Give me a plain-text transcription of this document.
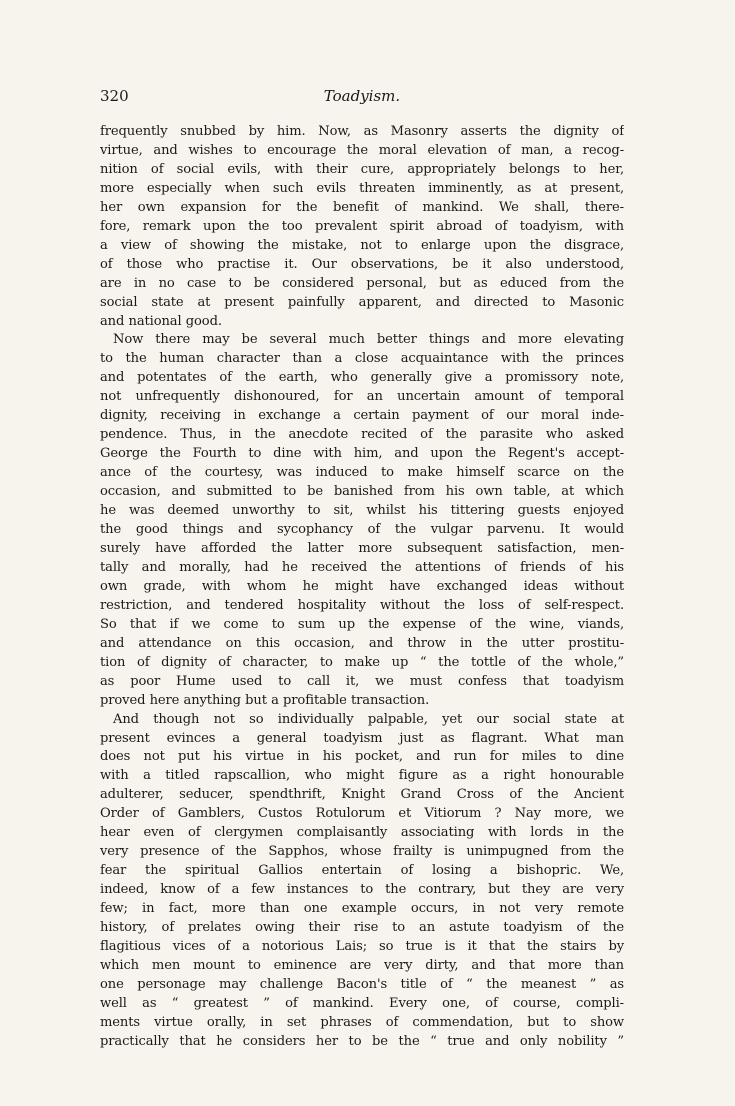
320	Toadyism.
frequently snubbed by him. Now, as Masonry asserts the dignity of
virtue, and wishes to encourage the moral elevation of man, a recog-
nition of social evils, with their cure, appropriately belongs to her,
more especially when such evils threaten imminently, as at present,
her own expansion for the benefit of mankind. We shall, there-
fore, remark upon the too prevalent spirit abroad of toadyism, with
a view of showing the mistake, not to enlarge upon the disgrace,
of those who practise it. Our observations, be it also understood,
are in no case to be considered personal, but as educed from the
social state at present painfully apparent, and directed to Masonic
and national good.
Now there may be several much better things and more elevating
to the human character than a close acquaintance with the princes
and potentates of the earth, who generally give a promissory note,
not unfrequently dishonoured, for an uncertain amount of temporal
dignity, receiving in exchange a certain payment of our moral inde-
pendence. Thus, in the anecdote recited of the parasite who asked
George the Fourth to dine with him, and upon the Regent's accept-
ance of the courtesy, was induced to make himself scarce on the
occasion, and submitted to be banished from his own table, at which
he was deemed unworthy to sit, whilst his tittering guests enjoyed
the good things and sycophancy of the vulgar parvenu. It would
surely have afforded the latter more subsequent satisfaction, men-
tally and morally, had he received the attentions of friends of his
own grade, with whom he might have exchanged ideas without
restriction, and tendered hospitality without the loss of self-respect.
So that if we come to sum up the expense of the wine, viands,
and attendance on this occasion, and throw in the utter prostitu-
tion of dignity of character, to make up “ the tottle of the whole,”
as poor Hume used to call it, we must confess that toadyism
proved here anything but a profitable transaction.
And though not so individually palpable, yet our social state at
present evinces a general toadyism just as flagrant. What man
does not put his virtue in his pocket, and run for miles to dine
with a titled rapscallion, who might figure as a right honourable
adulterer, seducer, spendthrift, Knight Grand Cross of the Ancient
Order of Gamblers, Custos Rotulorum et Vitiorum ? Nay more, we
hear even of clergymen complaisantly associating with lords in the
very presence of the Sapphos, whose frailty is unimpugned from the
fear the spiritual Gallios entertain of losing a bishopric. We,
indeed, know of a few instances to the contrary, but they are very
few; in fact, more than one example occurs, in not very remote
history, of prelates owing their rise to an astute toadyism of the
flagitious vices of a notorious Lais; so true is it that the stairs by
which men mount to eminence are very dirty, and that more than
one personage may challenge Bacon's title of “ the meanest ” as
well as “ greatest ” of mankind. Every one, of course, compli-
ments virtue orally, in set phrases of commendation, but to show
practically that he considers her to be the “ true and only nobility ”
